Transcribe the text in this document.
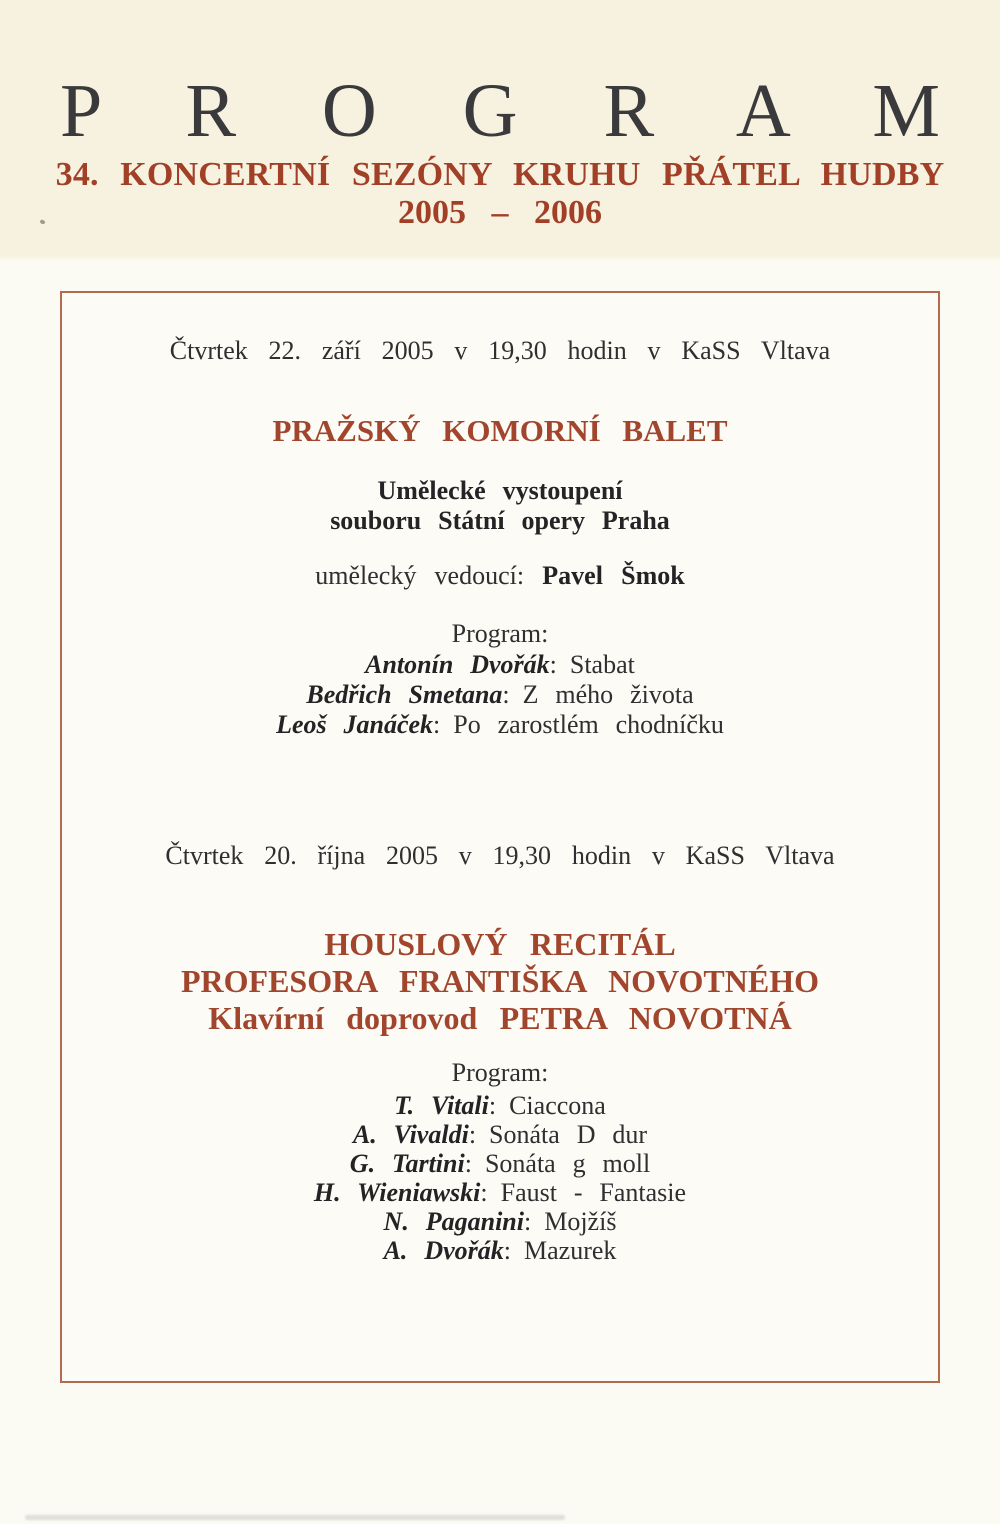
P R O G R A M
34. KONCERTNÍ SEZÓNY KRUHU PŘÁTEL HUDBY
2005 – 2006
Čtvrtek 22. září 2005 v 19,30 hodin v KaSS Vltava
PRAŽSKÝ KOMORNÍ BALET
Umělecké vystoupení
souboru Státní opery Praha
umělecký vedoucí: Pavel Šmok
Program:
Antonín Dvořák: Stabat
Bedřich Smetana: Z mého života
Leoš Janáček: Po zarostlém chodníčku
Čtvrtek 20. října 2005 v 19,30 hodin v KaSS Vltava
HOUSLOVÝ RECITÁL
PROFESORA FRANTIŠKA NOVOTNÉHO
Klavírní doprovod PETRA NOVOTNÁ
Program:
T. Vitali: Ciaccona
A. Vivaldi: Sonáta D dur
G. Tartini: Sonáta g moll
H. Wieniawski: Faust - Fantasie
N. Paganini: Mojžíš
A. Dvořák: Mazurek
